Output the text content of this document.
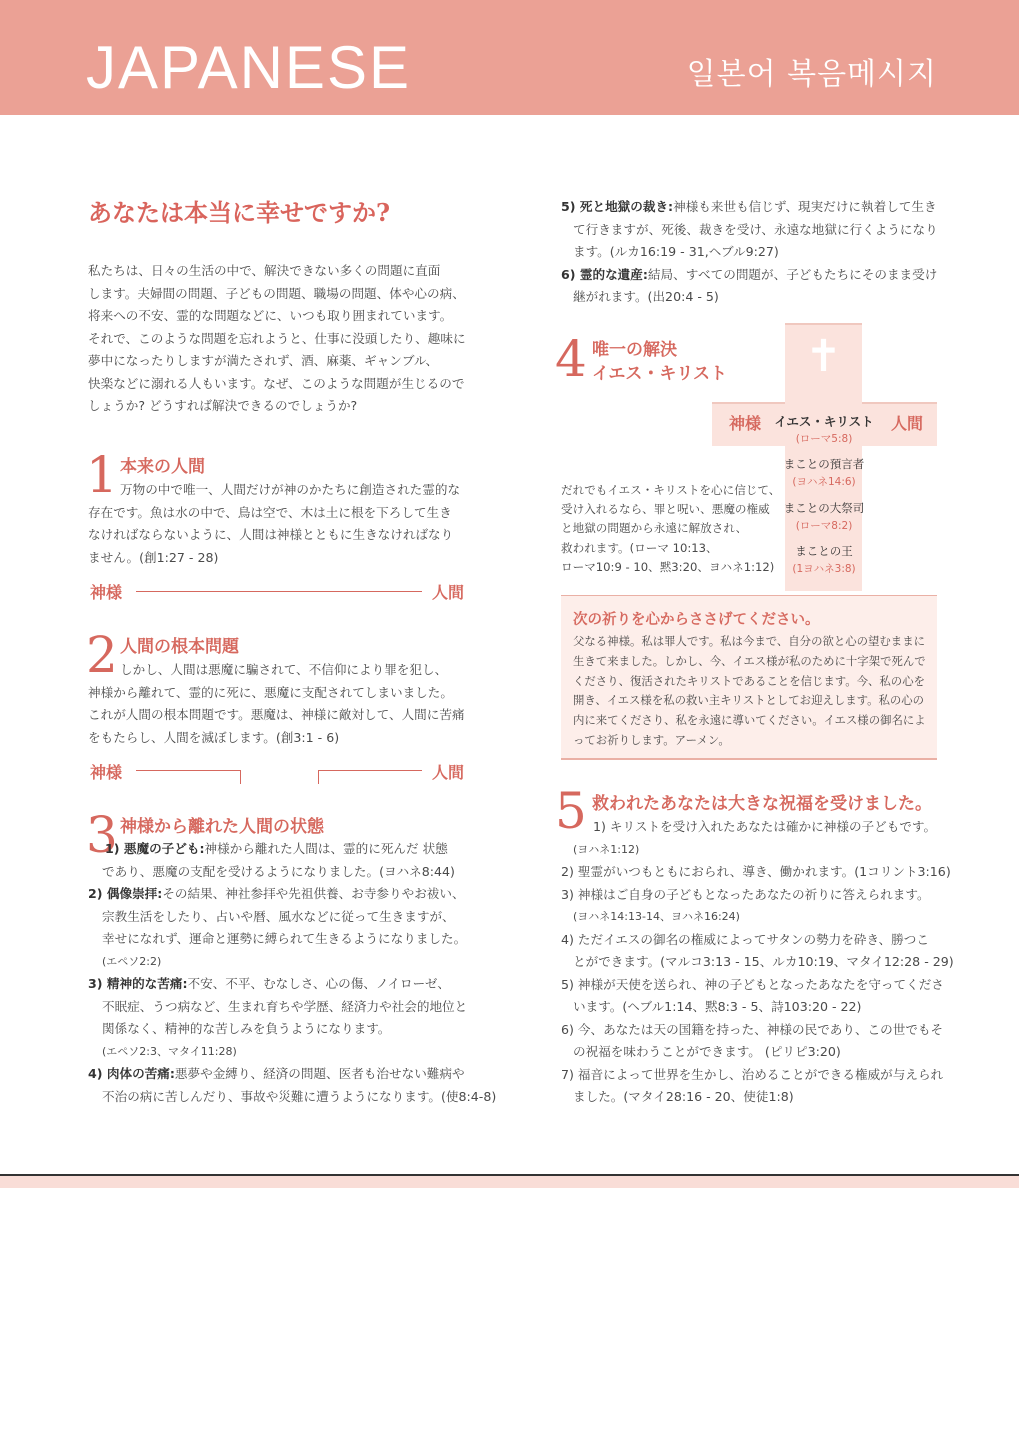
JAPANESE	일본어 복음메시지
あなたは本当に幸せですか?
私たちは、日々の生活の中で、解決できない多くの問題に直面
します。夫婦間の問題、子どもの問題、職場の問題、体や心の病、
将来への不安、霊的な問題などに、いつも取り囲まれています。
それで、このような問題を忘れようと、仕事に没頭したり、趣味に
夢中になったりしますが満たされず、酒、麻薬、ギャンブル、
快楽などに溺れる人もいます。なぜ、このような問題が生じるので
しょうか? どうすれば解決できるのでしょうか?
1 本来の人間
万物の中で唯一、人間だけが神のかたちに創造された霊的な
存在です。魚は水の中で、鳥は空で、木は土に根を下ろして生き
なければならないように、人間は神様とともに生きなければなり
ません。(創1:27 - 28)
神様	人間
2 人間の根本問題
しかし、人間は悪魔に騙されて、不信仰により罪を犯し、
神様から離れて、霊的に死に、悪魔に支配されてしまいました。
これが人間の根本問題です。悪魔は、神様に敵対して、人間に苦痛
をもたらし、人間を滅ぼします。(創3:1 - 6)
神様	人間
3 神様から離れた人間の状態
1) 悪魔の子ども:神様から離れた人間は、霊的に死んだ 状態
であり、悪魔の支配を受けるようになりました。(ヨハネ8:44)
2) 偶像崇拝:その結果、神社参拝や先祖供養、お寺参りやお祓い、
宗教生活をしたり、占いや暦、風水などに従って生きますが、
幸せになれず、運命と運勢に縛られて生きるようになりました。
(エペソ2:2)
3) 精神的な苦痛:不安、不平、むなしさ、心の傷、ノイローゼ、
不眠症、うつ病など、生まれ育ちや学歴、経済力や社会的地位と
関係なく、精神的な苦しみを負うようになります。
(エペソ2:3、マタイ11:28)
4) 肉体の苦痛:悪夢や金縛り、経済の問題、医者も治せない難病や
不治の病に苦しんだり、事故や災難に遭うようになります。(使8:4-8)
5) 死と地獄の裁き:神様も来世も信じず、現実だけに執着して生き
て行きますが、死後、裁きを受け、永遠な地獄に行くようになり
ます。(ルカ16:19 - 31,ヘブル9:27)
6) 霊的な遺産:結局、すべての問題が、子どもたちにそのまま受け
継がれます。(出20:4 - 5)
4 唯一の解決
イエス・キリスト	✝
神様	人間
イエス・キリスト
(ローマ5:8)
まことの預言者
(ヨハネ14:6)
まことの大祭司
(ローマ8:2)
まことの王
(1ヨハネ3:8)
だれでもイエス・キリストを心に信じて、
受け入れるなら、罪と呪い、悪魔の権威
と地獄の問題から永遠に解放され、
救われます。(ローマ 10:13、
ローマ10:9 - 10、黙3:20、ヨハネ1:12)
次の祈りを心からささげてください。
父なる神様。私は罪人です。私は今まで、自分の欲と心の望むままに
生きて来ました。しかし、今、イエス様が私のために十字架で死んで
くださり、復活されたキリストであることを信じます。今、私の心を
開き、イエス様を私の救い主キリストとしてお迎えします。私の心の
内に来てくださり、私を永遠に導いてください。イエス様の御名によ
ってお祈りします。アーメン。
5 救われたあなたは大きな祝福を受けました。
1) キリストを受け入れたあなたは確かに神様の子どもです。
(ヨハネ1:12)
2) 聖霊がいつもともにおられ、導き、働かれます。(1コリント3:16)
3) 神様はご自身の子どもとなったあなたの祈りに答えられます。
(ヨハネ14:13-14、ヨハネ16:24)
4) ただイエスの御名の権威によってサタンの勢力を砕き、勝つこ
とができます。(マルコ3:13 - 15、ルカ10:19、マタイ12:28 - 29)
5) 神様が天使を送られ、神の子どもとなったあなたを守ってくださ
います。(ヘブル1:14、黙8:3 - 5、詩103:20 - 22)
6) 今、あなたは天の国籍を持った、神様の民であり、この世でもそ
の祝福を味わうことができます。 (ピリピ3:20)
7) 福音によって世界を生かし、治めることができる権威が与えられ
ました。(マタイ28:16 - 20、使徒1:8)
